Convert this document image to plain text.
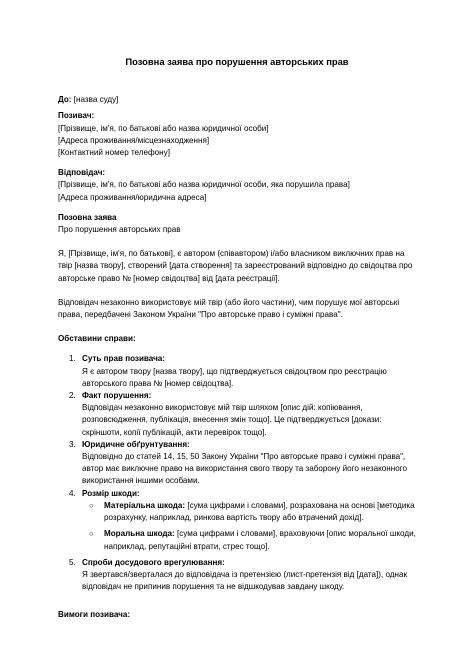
Позовна заява про порушення авторських прав

До: [назва суду]

Позивач:

[Прізвище, ім'я, по батькові або назва юридичної особи]

[Адреса проживання/місцезнаходження]

[Контактний номер телефону]

Відповідач:

[Прізвище, ім'я, по батькові або назва юридичної особи, яка порушила права]

[Адреса проживання/юридична адреса]

Позовна заява

Про порушення авторських прав

Я, [Прізвище, ім'я, по батькові], є автором (співавтором) і/або власником виключних прав на твір [назва твору], створений [дата створення] та зареєстрований відповідно до свідоцтва про авторське право № [номер свідоцтва] від [дата реєстрації].

Відповідач незаконно використовує мій твір (або його частини), чим порушує мої авторські права, передбачені Законом України "Про авторське право і суміжні права".

Обставини справи:

1. Суть прав позивача:

Я є автором твору [назва твору], що підтверджується свідоцтвом про реєстрацію авторського права № [номер свідоцтва].

2. Факт порушення:

Відповідач незаконно використовує мій твір шляхом [опис дій: копіювання, розповсюдження, публікація, внесення змін тощо]. Це підтверджується [докази: скріншоти, копії публікацій, акти перевірок тощо].

3. Юридичне обґрунтування:

Відповідно до статей 14, 15, 50 Закону України "Про авторське право і суміжні права", автор має виключне право на використання свого твору та заборону його незаконного використання іншими особами.

4. Розмір шкоди:

○ Матеріальна шкода: [сума цифрами і словами], розрахована на основі [методика розрахунку, наприклад, ринкова вартість твору або втрачений дохід].
○ Моральна шкода: [сума цифрами і словами], враховуючи [опис моральної шкоди, наприклад, репутаційні втрати, стрес тощо].
5. Спроби досудового врегулювання:

Я звертався/зверталася до відповідача із претензією (лист-претензія від [дата]), однак відповідач не припинив порушення та не відшкодував завдану шкоду.

Вимоги позивача:
